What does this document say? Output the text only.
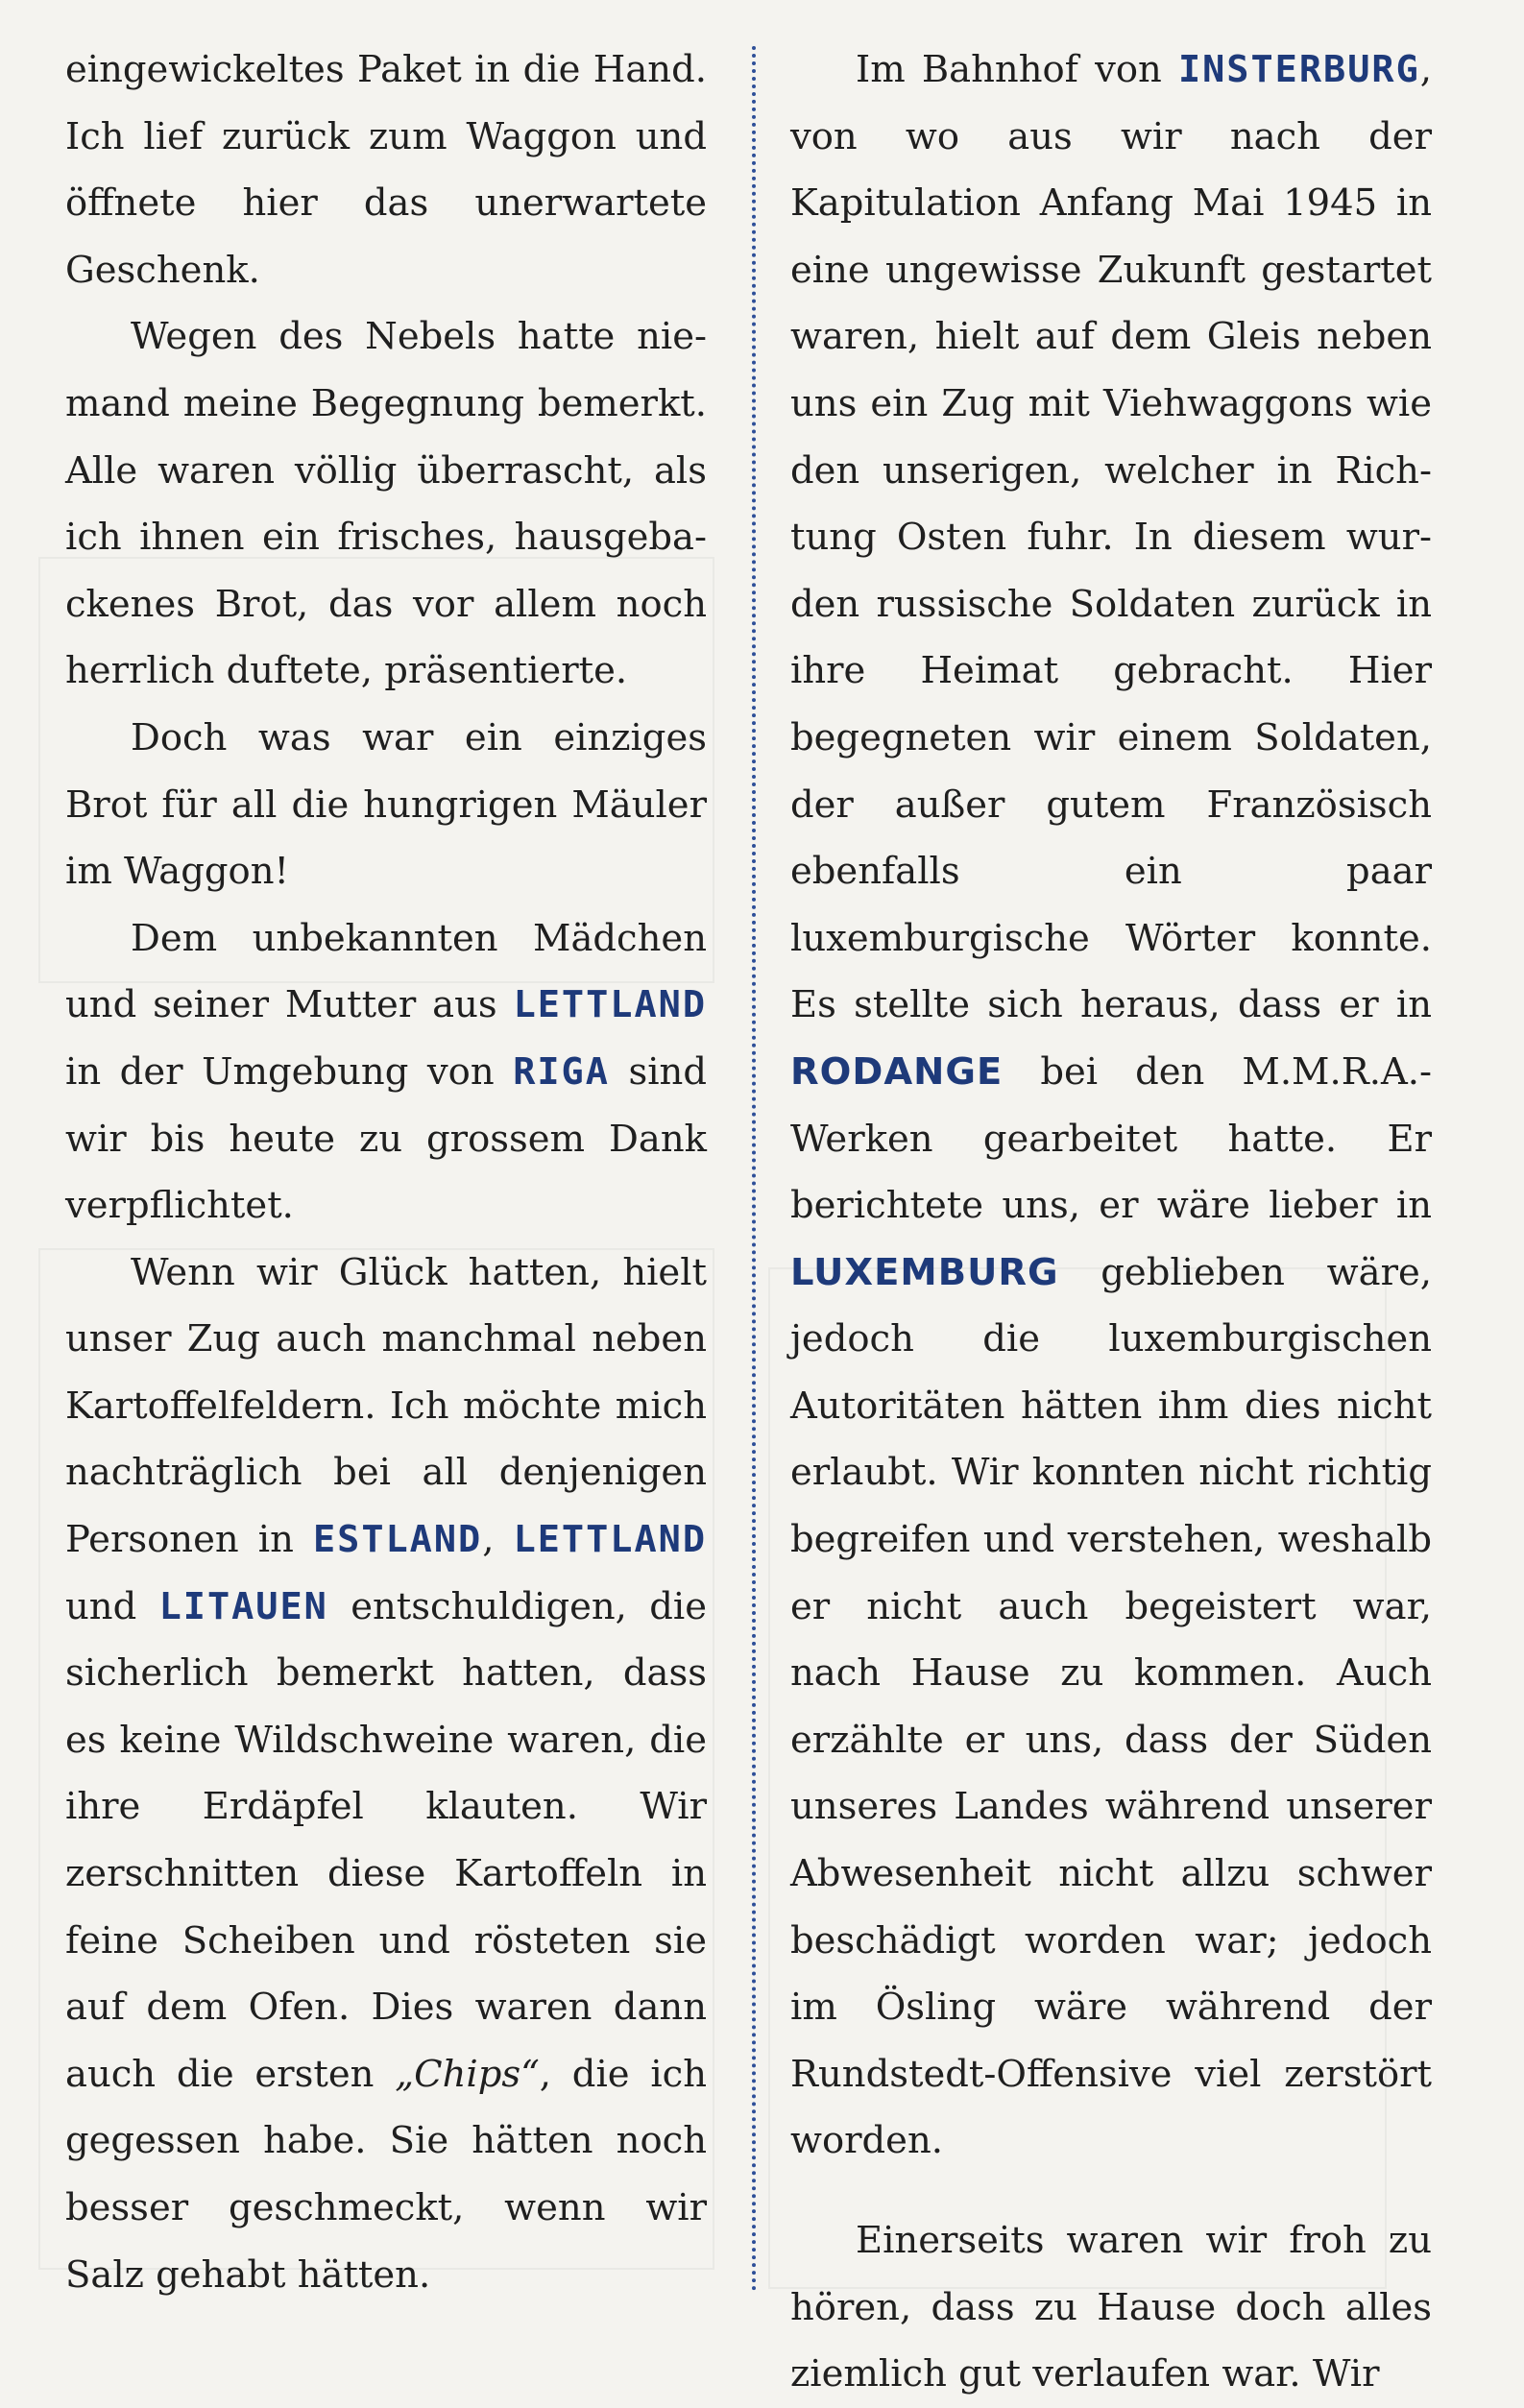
eingewickeltes Paket in die Hand. Ich lief zurück zum Waggon und öffnete hier das unerwartete Geschenk.

Wegen des Nebels hatte niemand meine Begegnung bemerkt. Alle waren völlig überrascht, als ich ihnen ein frisches, hausgebackenes Brot, das vor allem noch herrlich duftete, präsentierte.

Doch was war ein einziges Brot für all die hungrigen Mäuler im Waggon!

Dem unbekannten Mädchen und seiner Mutter aus LETTLAND in der Umgebung von RIGA sind wir bis heute zu grossem Dank verpflichtet.

Wenn wir Glück hatten, hielt unser Zug auch manchmal neben Kartoffelfeldern. Ich möchte mich nachträglich bei all denjenigen Personen in ESTLAND, LETTLAND und LITAUEN entschuldigen, die sicherlich bemerkt hatten, dass es keine Wildschweine waren, die ihre Erdäpfel klauten. Wir zerschnitten diese Kartoffeln in feine Scheiben und rösteten sie auf dem Ofen. Dies waren dann auch die ersten „Chips“, die ich gegessen habe. Sie hätten noch besser geschmeckt, wenn wir Salz gehabt hätten.

Im Bahnhof von INSTERBURG, von wo aus wir nach der Kapitulation Anfang Mai 1945 in eine ungewisse Zukunft gestartet waren, hielt auf dem Gleis neben uns ein Zug mit Viehwaggons wie den unserigen, welcher in Richtung Osten fuhr. In diesem wurden russische Soldaten zurück in ihre Heimat gebracht. Hier begegneten wir einem Soldaten, der außer gutem Französisch ebenfalls ein paar luxemburgische Wörter konnte. Es stellte sich heraus, dass er in RODANGE bei den M.M.R.A.-Werken gearbeitet hatte. Er berichtete uns, er wäre lieber in LUXEMBURG geblieben wäre, jedoch die luxemburgischen Autoritäten hätten ihm dies nicht erlaubt. Wir konnten nicht richtig begreifen und verstehen, weshalb er nicht auch begeistert war, nach Hause zu kommen. Auch erzählte er uns, dass der Süden unseres Landes während unserer Abwesenheit nicht allzu schwer beschädigt worden war; jedoch im Ösling wäre während der Rundstedt-Offensive viel zerstört worden.

Einerseits waren wir froh zu hören, dass zu Hause doch alles ziemlich gut verlaufen war. Wir
